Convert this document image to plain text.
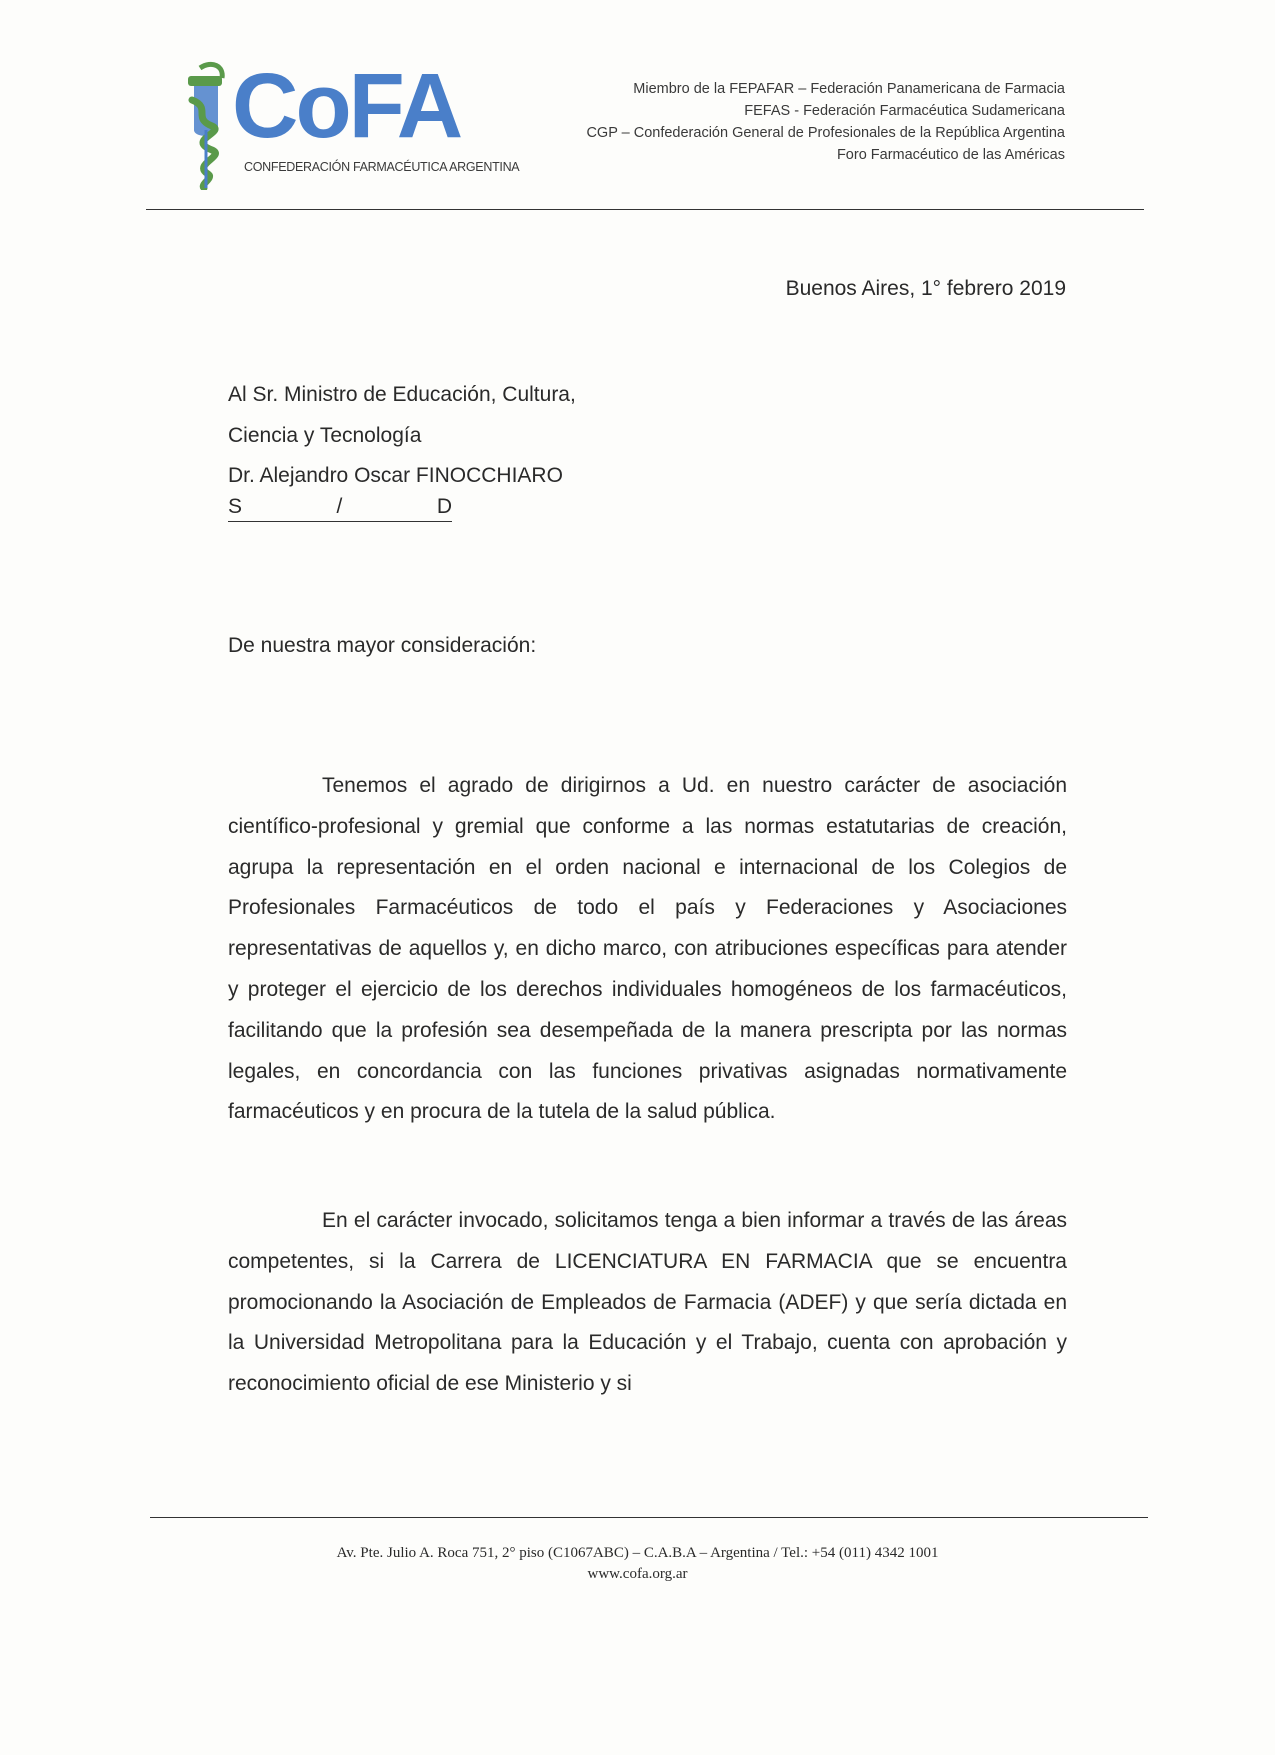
CoFA
CONFEDERACIÓN FARMACÉUTICA ARGENTINA
Miembro de la FEPAFAR – Federación Panamericana de Farmacia
FEFAS - Federación Farmacéutica Sudamericana
CGP – Confederación General de Profesionales de la República Argentina
Foro Farmacéutico de las Américas
Buenos Aires, 1° febrero 2019
Al Sr. Ministro de Educación, Cultura,
Ciencia y Tecnología
Dr. Alejandro Oscar FINOCCHIARO
S	/	D
De nuestra mayor consideración:
Tenemos el agrado de dirigirnos a Ud. en nuestro carácter de asociación científico-profesional y gremial que conforme a las normas estatutarias de creación, agrupa la representación en el orden nacional e internacional de los Colegios de Profesionales Farmacéuticos de todo el país y Federaciones y Asociaciones representativas de aquellos y, en dicho marco, con atribuciones específicas para atender y proteger el ejercicio de los derechos individuales homogéneos de los farmacéuticos, facilitando que la profesión sea desempeñada de la manera prescripta por las normas legales, en concordancia con las funciones privativas asignadas normativamente farmacéuticos y en procura de la tutela de la salud pública.
En el carácter invocado, solicitamos tenga a bien informar a través de las áreas competentes, si la Carrera de LICENCIATURA EN FARMACIA que se encuentra promocionando la Asociación de Empleados de Farmacia (ADEF) y que sería dictada en la Universidad Metropolitana para la Educación y el Trabajo, cuenta con aprobación y reconocimiento oficial de ese Ministerio y si
Av. Pte. Julio A. Roca 751, 2° piso (C1067ABC) – C.A.B.A – Argentina / Tel.: +54 (011) 4342 1001
www.cofa.org.ar
